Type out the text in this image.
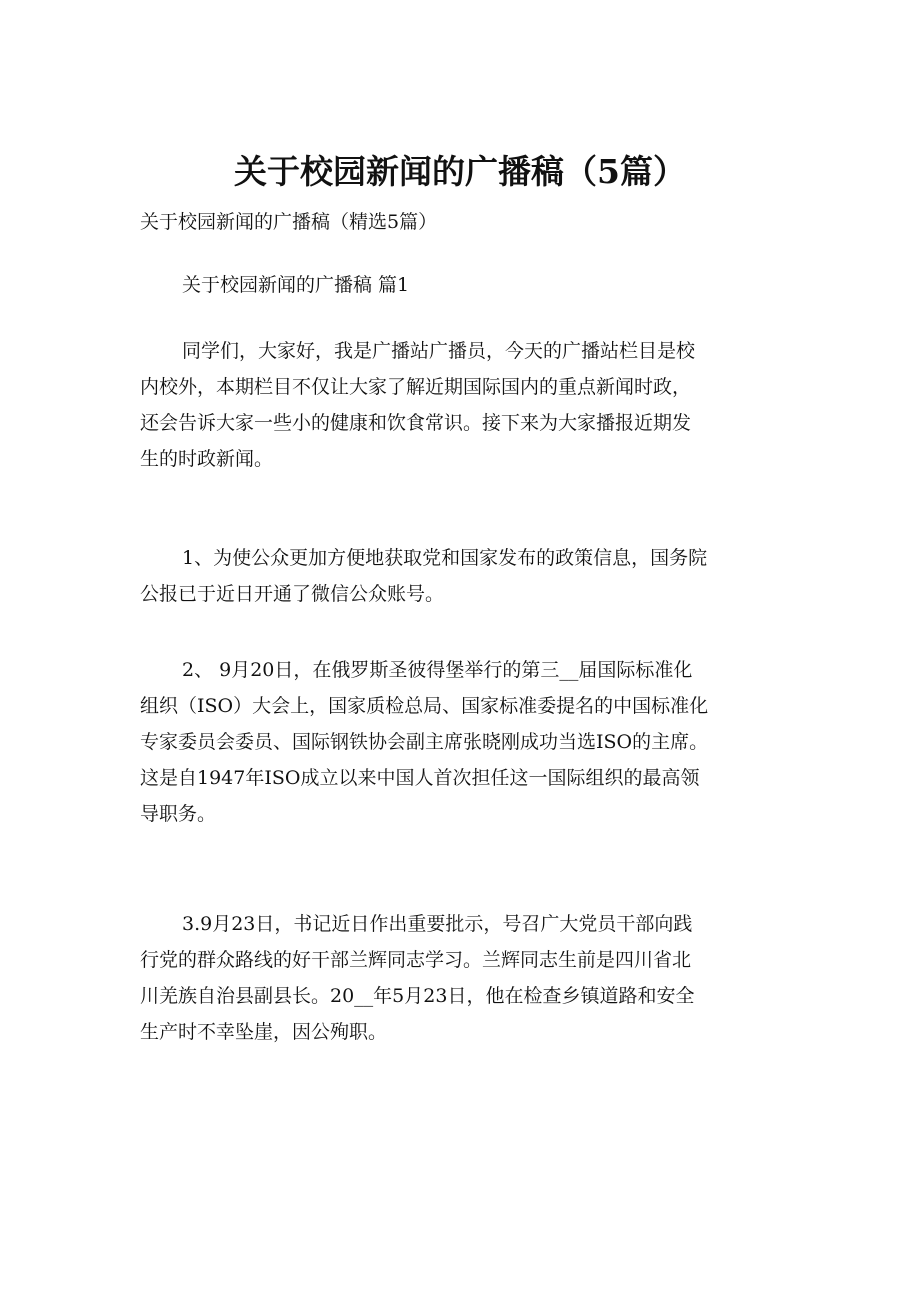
关于校园新闻的广播稿（5篇）
关于校园新闻的广播稿（精选5篇）
关于校园新闻的广播稿 篇1
同学们，大家好，我是广播站广播员，今天的广播站栏目是校
内校外，本期栏目不仅让大家了解近期国际国内的重点新闻时政，
还会告诉大家一些小的健康和饮食常识。接下来为大家播报近期发
生的时政新闻。
1、为使公众更加方便地获取党和国家发布的政策信息，国务院
公报已于近日开通了微信公众账号。
2、 9月20日，在俄罗斯圣彼得堡举行的第三__届国际标准化
组织（ISO）大会上，国家质检总局、国家标准委提名的中国标准化
专家委员会委员、国际钢铁协会副主席张晓刚成功当选ISO的主席。
这是自1947年ISO成立以来中国人首次担任这一国际组织的最高领
导职务。
3.9月23日，书记近日作出重要批示，号召广大党员干部向践
行党的群众路线的好干部兰辉同志学习。兰辉同志生前是四川省北
川羌族自治县副县长。20__年5月23日，他在检查乡镇道路和安全
生产时不幸坠崖，因公殉职。
